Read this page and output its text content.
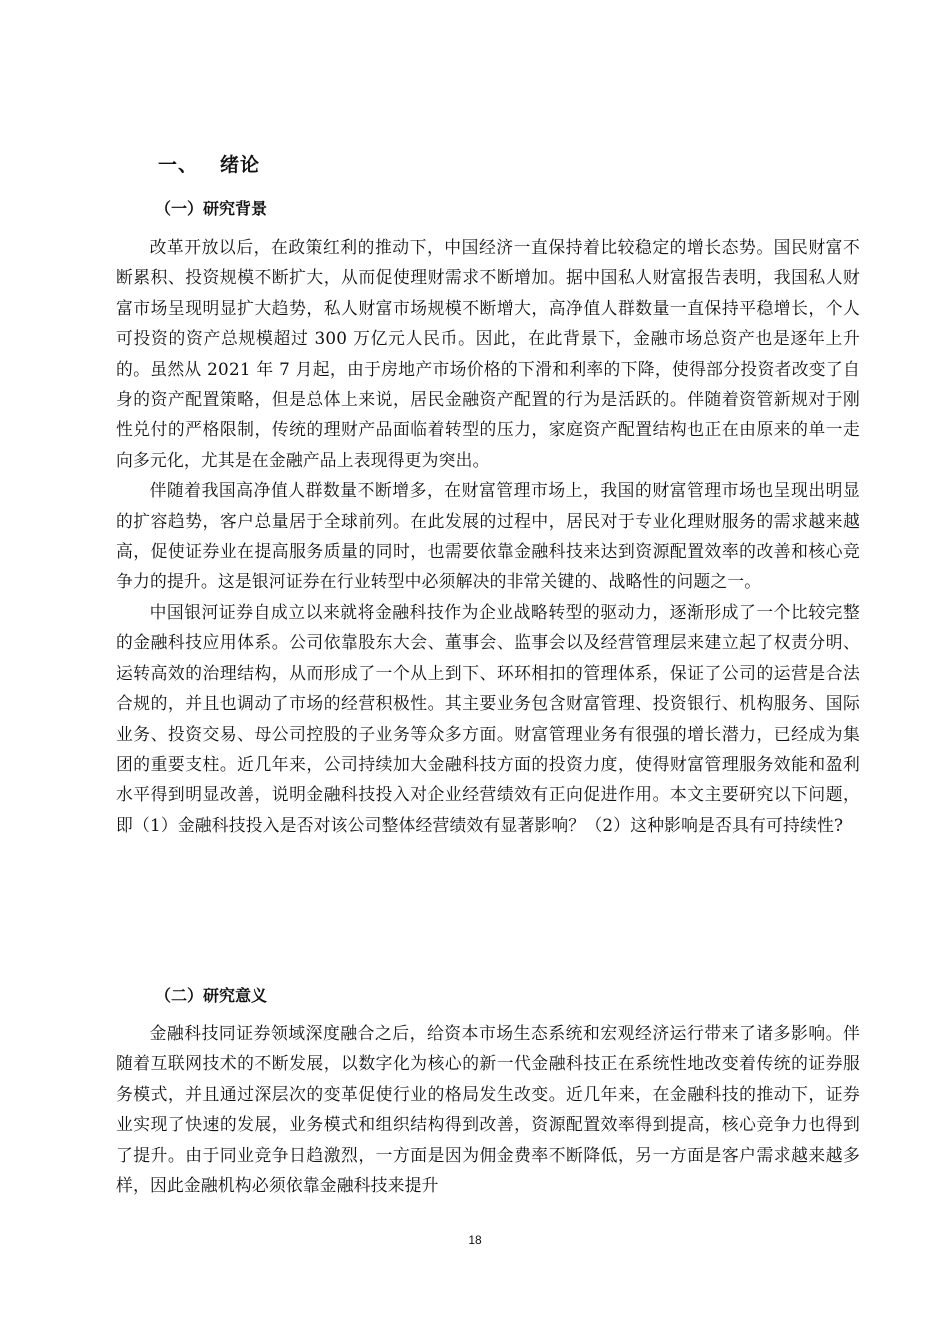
一、 绪论
（一）研究背景

改革开放以后，在政策红利的推动下，中国经济一直保持着比较稳定的增长态势。国民财富不断累积、投资规模不断扩大，从而促使理财需求不断增加。据中国私人财富报告表明，我国私人财富市场呈现明显扩大趋势，私人财富市场规模不断增大，高净值人群数量一直保持平稳增长，个人可投资的资产总规模超过 300 万亿元人民币。因此，在此背景下，金融市场总资产也是逐年上升的。虽然从 2021 年 7 月起，由于房地产市场价格的下滑和利率的下降，使得部分投资者改变了自身的资产配置策略，但是总体上来说，居民金融资产配置的行为是活跃的。伴随着资管新规对于刚性兑付的严格限制，传统的理财产品面临着转型的压力，家庭资产配置结构也正在由原来的单一走向多元化，尤其是在金融产品上表现得更为突出。

伴随着我国高净值人群数量不断增多，在财富管理市场上，我国的财富管理市场也呈现出明显的扩容趋势，客户总量居于全球前列。在此发展的过程中，居民对于专业化理财服务的需求越来越高，促使证券业在提高服务质量的同时，也需要依靠金融科技来达到资源配置效率的改善和核心竞争力的提升。这是银河证券在行业转型中必须解决的非常关键的、战略性的问题之一。

中国银河证券自成立以来就将金融科技作为企业战略转型的驱动力，逐渐形成了一个比较完整的金融科技应用体系。公司依靠股东大会、董事会、监事会以及经营管理层来建立起了权责分明、运转高效的治理结构，从而形成了一个从上到下、环环相扣的管理体系，保证了公司的运营是合法合规的，并且也调动了市场的经营积极性。其主要业务包含财富管理、投资银行、机构服务、国际业务、投资交易、母公司控股的子业务等众多方面。财富管理业务有很强的增长潜力，已经成为集团的重要支柱。近几年来，公司持续加大金融科技方面的投资力度，使得财富管理服务效能和盈利水平得到明显改善，说明金融科技投入对企业经营绩效有正向促进作用。本文主要研究以下问题，即（1）金融科技投入是否对该公司整体经营绩效有显著影响？（2）这种影响是否具有可持续性?

（二）研究意义

金融科技同证券领域深度融合之后，给资本市场生态系统和宏观经济运行带来了诸多影响。伴随着互联网技术的不断发展，以数字化为核心的新一代金融科技正在系统性地改变着传统的证券服务模式，并且通过深层次的变革促使行业的格局发生改变。近几年来，在金融科技的推动下，证券业实现了快速的发展，业务模式和组织结构得到改善，资源配置效率得到提高，核心竞争力也得到了提升。由于同业竞争日趋激烈，一方面是因为佣金费率不断降低，另一方面是客户需求越来越多样，因此金融机构必须依靠金融科技来提升

18
